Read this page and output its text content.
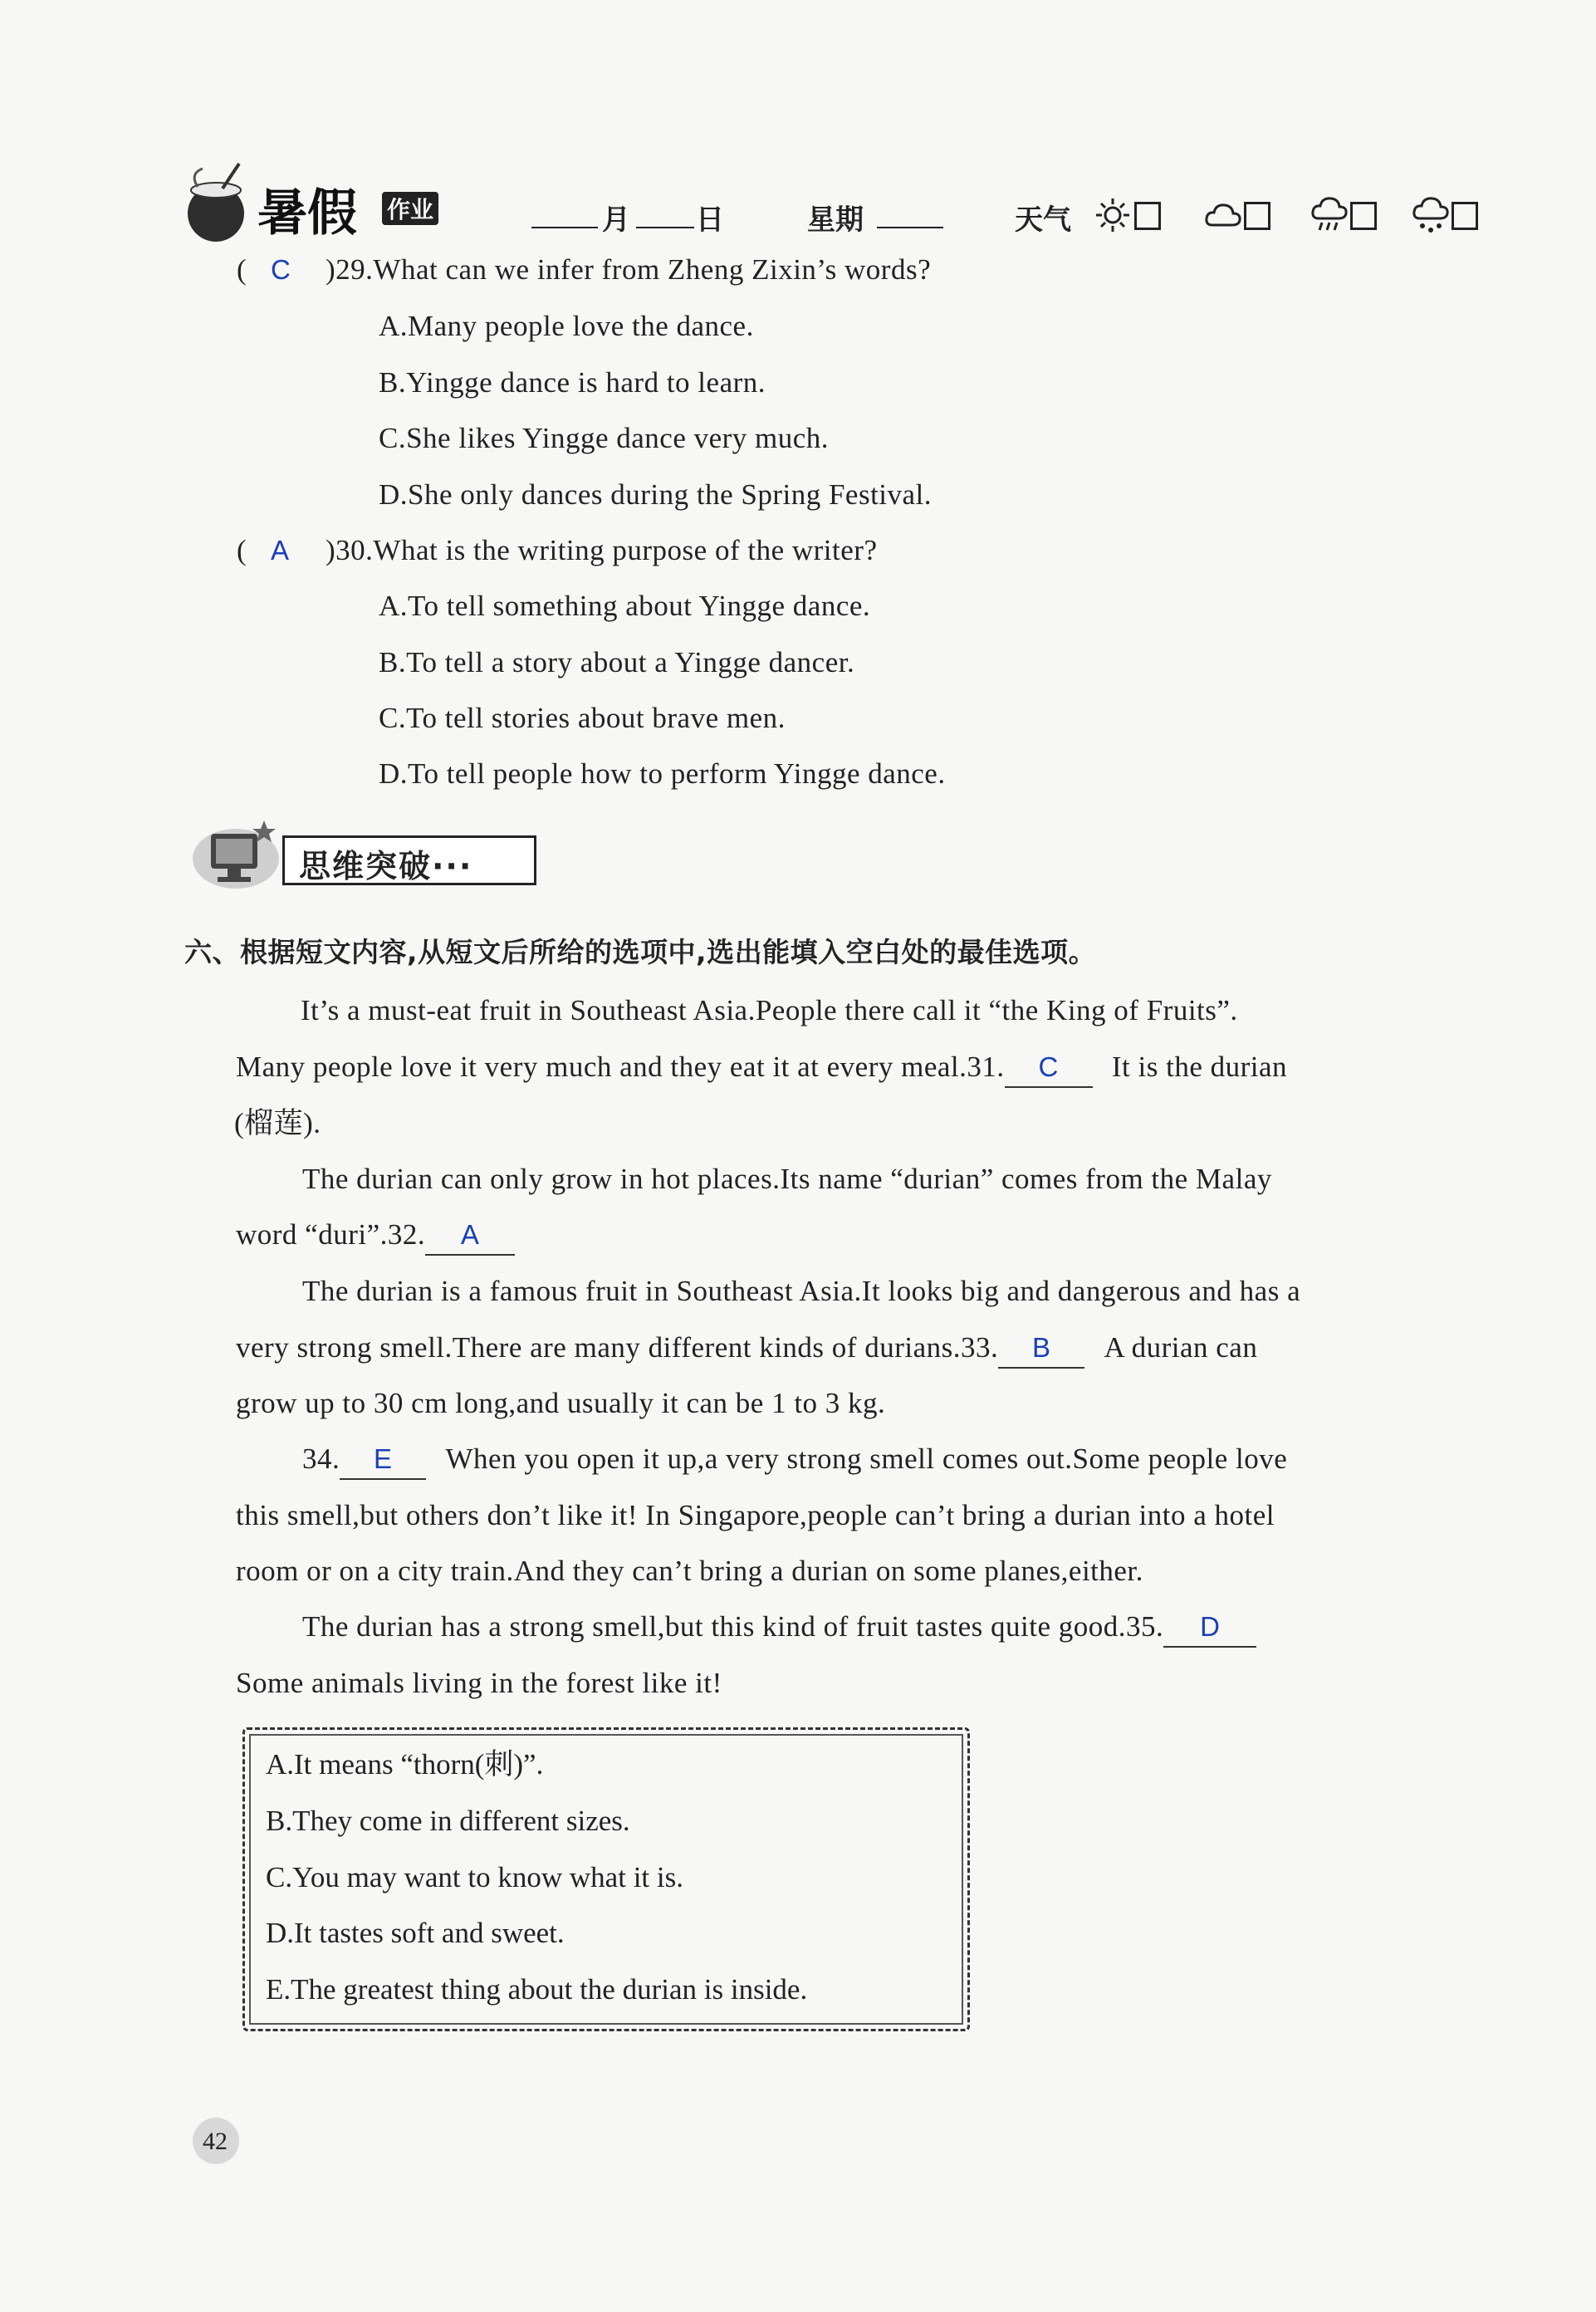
暑假 作业	月 日	星期	天气
( C )29.What can we infer from Zheng Zixin’s words?
A.Many people love the dance.
B.Yingge dance is hard to learn.
C.She likes Yingge dance very much.
D.She only dances during the Spring Festival.
( A )30.What is the writing purpose of the writer?
A.To tell something about Yingge dance.
B.To tell a story about a Yingge dancer.
C.To tell stories about brave men.
D.To tell people how to perform Yingge dance.
思维突破···
六、根据短文内容,从短文后所给的选项中,选出能填入空白处的最佳选项。
It’s a must-eat fruit in Southeast Asia.People there call it “the King of Fruits”.
Many people love it very much and they eat it at every meal.31. C It is the durian
(榴莲).
The durian can only grow in hot places.Its name “durian” comes from the Malay
word “duri”.32. A
The durian is a famous fruit in Southeast Asia.It looks big and dangerous and has a
very strong smell.There are many different kinds of durians.33. B A durian can
grow up to 30 cm long,and usually it can be 1 to 3 kg.
34. E When you open it up,a very strong smell comes out.Some people love
this smell,but others don’t like it! In Singapore,people can’t bring a durian into a hotel
room or on a city train.And they can’t bring a durian on some planes,either.
The durian has a strong smell,but this kind of fruit tastes quite good.35. D
Some animals living in the forest like it!
A.It means “thorn(刺)”.
B.They come in different sizes.
C.You may want to know what it is.
D.It tastes soft and sweet.
E.The greatest thing about the durian is inside.
42
